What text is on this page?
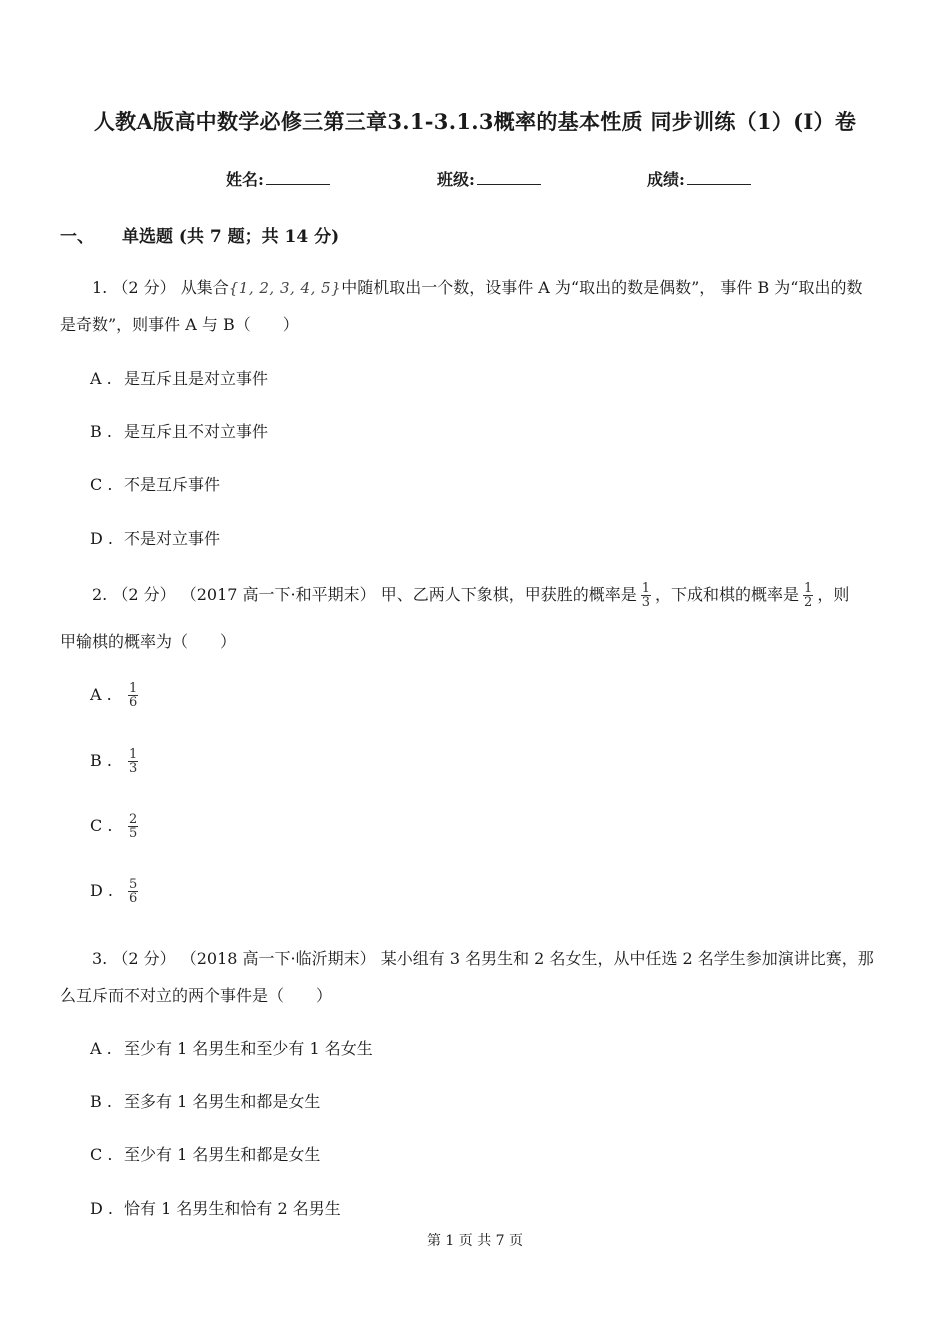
人教A版高中数学必修三第三章3.1-3.1.3概率的基本性质 同步训练（1）(I）卷
姓名:	班级:	成绩:
一、 单选题 (共 7 题；共 14 分)
1. （2 分） 从集合{1, 2, 3, 4, 5}中随机取出一个数，设事件 A 为“取出的数是偶数”， 事件 B 为“取出的数
是奇数”，则事件 A 与 B（　　）
A . 是互斥且是对立事件
B . 是互斥且不对立事件
C . 不是互斥事件
D . 不是对立事件
2. （2 分） （2017 高一下·和平期末） 甲、乙两人下象棋，甲获胜的概率是 $\frac{1}{3}$ ，下成和棋的概率是 $\frac{1}{2}$ ，则
甲输棋的概率为（　　）
A . $\frac{1}{6}$
B . $\frac{1}{3}$
C . $\frac{2}{5}$
D . $\frac{5}{6}$
3. （2 分） （2018 高一下·临沂期末） 某小组有 3 名男生和 2 名女生，从中任选 2 名学生参加演讲比赛，那
么互斥而不对立的两个事件是（　　）
A . 至少有 1 名男生和至少有 1 名女生
B . 至多有 1 名男生和都是女生
C . 至少有 1 名男生和都是女生
D . 恰有 1 名男生和恰有 2 名男生
第 1 页 共 7 页
